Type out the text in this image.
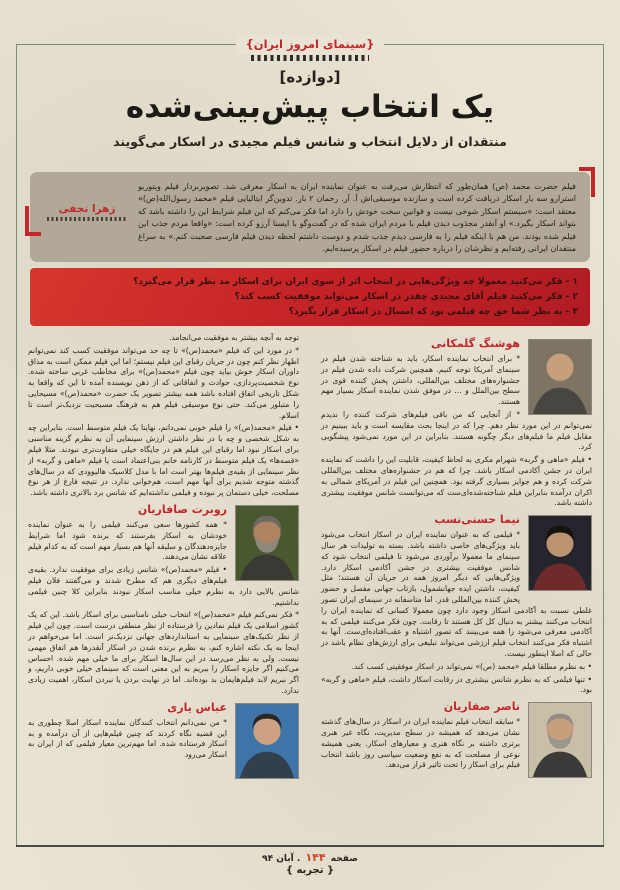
{سینمای امروز ایران}
[دوازده]
یک انتخاب پیش‌بینی‌شده
منتقدان از دلایل انتخاب و شانس فیلم مجیدی در اسکار می‌گویند
زهرا نجفی

فیلم حضرت محمد (ص) همان‌طور که انتظارش می‌رفت به عنوان نماینده ایران به اسکار معرفی شد. تصویربردار فیلم ویتوریو استرارو سه بار اسکار دریافت کرده است و سازنده موسیقی‌اش آ. آر. رحمان ۲ بار. تدوین‌گر ایتالیایی فیلم «محمد رسول‌الله(ص)» معتقد است: «سیستم اسکار شوخی نیست و قوانین سخت خودش را دارد اما فکر می‌کنم که این فیلم شرایط این را داشته باشد که بتواند اسکار بگیرد.» او آنقدر مجذوب دیدن فیلم با مردم ایران شده که در گفت‌وگو با ایسنا آرزو کرده است: «واقعا مردم جذب این فیلم شده بودند. من هم با اینکه فیلم را به فارسی دیدم جذب شدم و دوست داشتم لحظه دیدن فیلم فارسی صحبت کنم.» به سراغ منتقدان ایرانی رفته‌ایم و نظرشان را درباره حضور فیلم در اسکار پرسیده‌ایم.

۱ - فکر می‌کنید معمولا چه ویژگی‌هایی در انتخاب اثر از سوی ایران برای اسکار مد نظر قرار می‌گیرد؟
۲ - فکر می‌کنید فیلم آقای مجیدی چقدر در اسکار می‌تواند موفقیت کسب کند؟
۳ - به نظر شما حق چه فیلمی بود که امسال در اسکار قرار بگیرد؟
هوشنگ گلمکانی

* برای انتخاب نماینده اسکار، باید به شناخته شدن فیلم در سینمای آمریکا توجه کنیم. همچنین شرکت داده شدن فیلم در جشنواره‌های مختلف بین‌المللی، داشتن پخش کننده قوی در سطح بین‌الملل و … در موفق شدن نماینده اسکار بسیار مهم هستند.

* از آنجایی که من باقی فیلم‌های شرکت کننده را ندیدم نمی‌توانم در این مورد نظر دهم. چرا که در اینجا بحث مقایسه است و باید ببینیم در مقابل فیلم ما فیلم‌های دیگر چگونه هستند. بنابراین در این مورد نمی‌شود پیشگویی کرد.

• فیلم «ماهی و گربه» شهرام مکری به لحاظ کیفیت، قابلیت این را داشت که نماینده ایران در جشن آکادمی اسکار باشد. چرا که هم در جشنواره‌های مختلف بین‌المللی شرکت کرده و هم جوایز بسیاری گرفته بود. همچنین این فیلم در آمریکای شمالی به اکران درآمده بنابراین فیلم شناخته‌شده‌ای‌ست که می‌توانست شانس موفقیت بیشتری داشته باشد.

نیما حسنی‌نسب

* فیلمی که به عنوان نماینده ایران در اسکار انتخاب می‌شود باید ویژگی‌های خاصی داشته باشد. بسته به تولیدات هر سال سینمای ما معمولا برآوردی می‌شود تا فیلمی انتخاب شود که شانس موفقیت بیشتری در جشن آکادمی اسکار دارد. ویژگی‌هایی که دیگر امروز همه در جریان آن هستند؛ مثل کیفیت، داشتن ایده جهانشمول، بازتاب جهانی مفصل و حضور پخش کننده بین‌المللی قدر. اما متاسفانه در سینمای ایران تصور غلطی نسبت به آکادمی اسکار وجود دارد چون معمولا کسانی که نماینده ایران را انتخاب می‌کنند بیشتر به دنبال کل کل هستند تا رقابت. چون فکر می‌کنند فیلمی که به آکادمی معرفی می‌شود را همه می‌بینند که تصور اشتباه و عقب‌افتاده‌ای‌ست. آنها به اشتباه فکر می‌کنند انتخاب فیلم ارزشی می‌تواند تبلیغی برای ارزش‌های نظام باشد در حالی که اصلا اینطور نیست.

• به نظرم مطلقا فیلم «محمد (ص)» نمی‌تواند در اسکار موفقیتی کسب کند.

• تنها فیلمی که به نظرم شانس بیشتری در رقابت اسکار داشت، فیلم «ماهی و گربه» بود.

ناصر صفاریان

* سابقه انتخاب فیلم نماینده ایران در اسکار در سال‌های گذشته نشان می‌دهد که همیشه در سطح مدیریت، نگاه غیر هنری برتری داشته بر نگاه هنری و معیارهای اسکار. یعنی همیشه نوعی از مصلحت که به نفع وضعیت سیاسی روز باشد انتخاب فیلم برای اسکار را تحت تاثیر قرار می‌دهد.

توجه به آنچه بیشتر به موفقیت می‌انجامد.

* در مورد این که فیلم «محمد(ص)» تا چه حد می‌تواند موفقیت کسب کند نمی‌توانم اظهار نظر کنم چون در جریان رقبای این فیلم نیستم؛ اما این فیلم ممکن است به مذاق داوران اسکار خوش بیاید چون فیلم «محمد(ص)» برای مخاطب غربی ساخته شده. نوع شخصیت‌پردازی، حوادث و اتفاقاتی که از ذهن نویسنده آمده تا این که واقعا به شکل تاریخی اتفاق افتاده باشد همه بیشتر تصویر یک حضرت «محمد(ص)» مسیحایی را متبلور می‌کند. حتی نوع موسیقی فیلم هم به فرهنگ مسیحیت نزدیک‌تر است تا اسلام.

• فیلم «محمد(ص)» را فیلم خوبی نمی‌دانم، نهایتا یک فیلم متوسط است. بنابراین چه به شکل شخصی و چه با در نظر داشتن ارزش سینمایی آن به نظرم گزینه مناسبی برای اسکار نبود اما رقبای این فیلم هم در جایگاه خیلی متفاوت‌تری نبودند. مثلا فیلم «قصه‌ها» یک فیلم متوسط در کارنامه خانم بنی‌اعتماد است یا فیلم «ماهی و گربه» از نظر سینمایی از بقیه‌ی فیلم‌ها بهتر است اما با مدل کلاسیک هالیوودی که در سال‌های گذشته متوجه شدیم برای آنها مهم است، هم‌خوانی ندارد. در نتیجه فارغ از هر نوع مصلحت، خیلی دستمان پر نبوده و فیلمی نداشته‌ایم که شانس برد بالاتری داشته باشد.

روبرت صافاریان

* همه کشورها سعی می‌کنند فیلمی را به عنوان نماینده خودشان به اسکار بفرستند که برنده شود اما شرایط جایزه‌دهندگان و سلیقه آنها هم بسیار مهم است که به کدام فیلم علاقه نشان می‌دهند.

• فیلم «محمد(ص)» شانس زیادی برای موفقیت ندارد. بقیه‌ی فیلم‌های دیگری هم که مطرح شدند و می‌گفتند فلان فیلم شانس بالایی دارد به نظرم خیلی مناسب اسکار نبودند بنابراین کلا چنین فیلمی نداشتیم.

* فکر نمی‌کنم فیلم «محمد(ص)» انتخاب خیلی نامناسبی برای اسکار باشد. این که یک کشور اسلامی یک فیلم نمادین را فرستاده از نظر منطقی درست است. چون این فیلم از نظر تکنیک‌های سینمایی به استانداردهای جهانی نزدیک‌تر است. اما می‌خواهم در اینجا به یک نکته اشاره کنم، به نظرم برنده شدن در اسکار آنقدرها هم اتفاق مهمی نیست. ولی به نظر می‌رسد در این سال‌ها اسکار برای ما خیلی مهم شده. احساس می‌کنیم اگر جایزه اسکار را ببریم به این معنی است که سینمای خیلی خوبی داریم، و اگر نبریم لابد فیلم‌هایمان بد بوده‌اند. اما در نهایت بردن یا نبردن اسکار، اهمیت زیادی ندارد.

عباس یاری

* من نمی‌دانم انتخاب کنندگان نماینده اسکار اصلا چطوری به این قضیه نگاه کردند که چنین فیلم‌هایی از آن درآمده و به اسکار فرستاده شده. اما مهم‌ترین معیار فیلمی که از ایران به اسکار می‌رود

صفحه ۱۴۴ . آبان ۹۴
{ تجربه }
